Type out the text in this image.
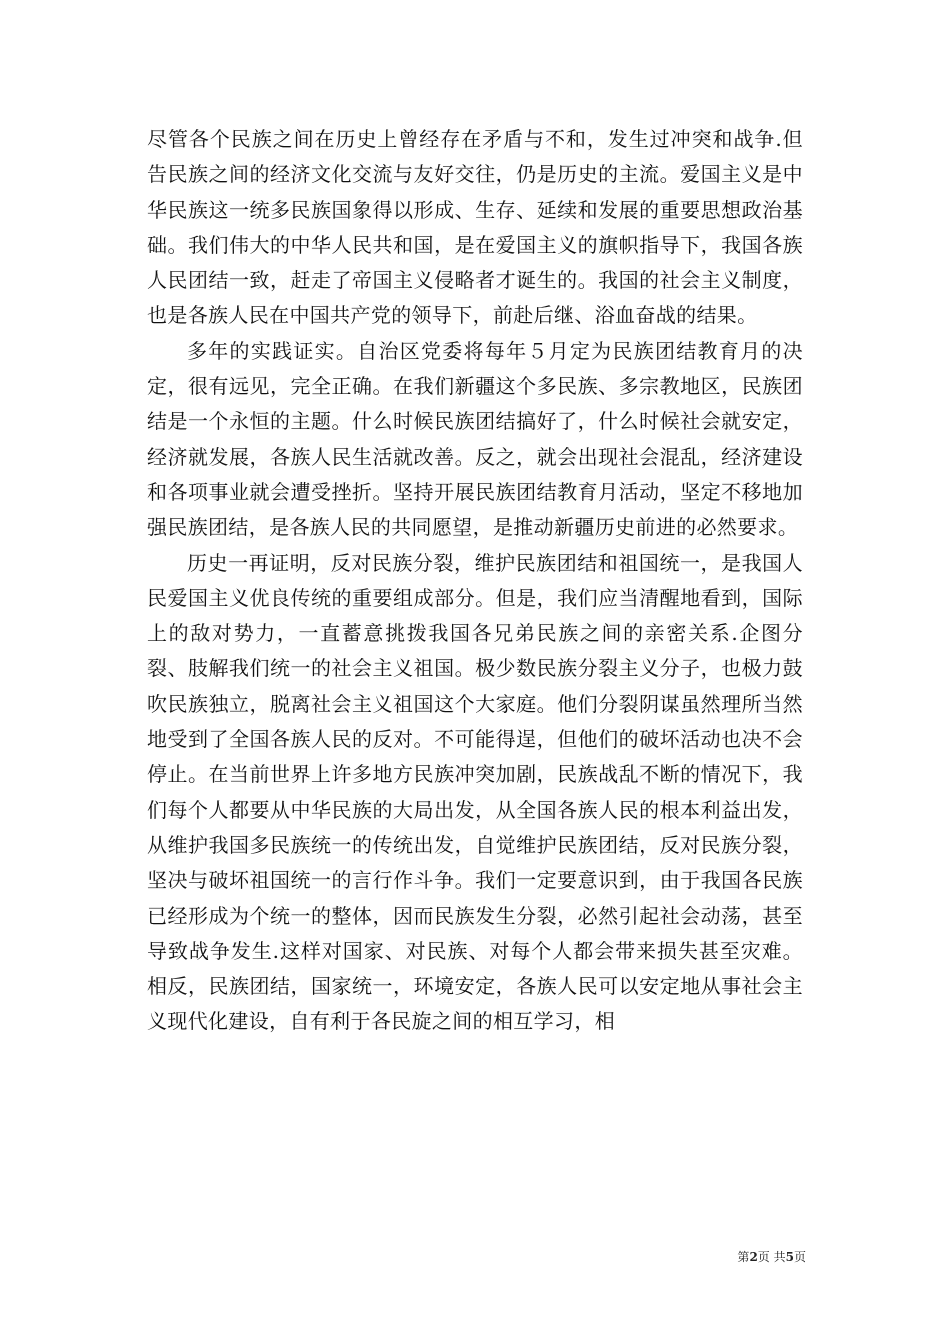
尽管各个民族之间在历史上曾经存在矛盾与不和，发生过冲突和战争.但告民族之间的经济文化交流与友好交往，仍是历史的主流。爱国主义是中华民族这一统多民族国象得以形成、生存、延续和发展的重要思想政治基础。我们伟大的中华人民共和国，是在爱国主义的旗帜指导下，我国各族人民团结一致，赶走了帝国主义侵略者才诞生的。我国的社会主义制度，也是各族人民在中国共产党的领导下，前赴后继、浴血奋战的结果。

多年的实践证实。自治区党委将每年５月定为民族团结教育月的决定，很有远见，完全正确。在我们新疆这个多民族、多宗教地区，民族团结是一个永恒的主题。什么时候民族团结搞好了，什么时候社会就安定，经济就发展，各族人民生活就改善。反之，就会出现社会混乱，经济建设和各项事业就会遭受挫折。坚持开展民族团结教育月活动，坚定不移地加强民族团结，是各族人民的共同愿望，是推动新疆历史前进的必然要求。

历史一再证明，反对民族分裂，维护民族团结和祖国统一，是我国人民爱国主义优良传统的重要组成部分。但是，我们应当清醒地看到，国际上的敌对势力，一直蓄意挑拨我国各兄弟民族之间的亲密关系.企图分裂、肢解我们统一的社会主义祖国。极少数民族分裂主义分子，也极力鼓吹民族独立，脱离社会主义祖国这个大家庭。他们分裂阴谋虽然理所当然地受到了全国各族人民的反对。不可能得逞，但他们的破坏活动也决不会停止。在当前世界上许多地方民族冲突加剧，民族战乱不断的情况下，我们每个人都要从中华民族的大局出发，从全国各族人民的根本利益出发，从维护我国多民族统一的传统出发，自觉维护民族团结，反对民族分裂，坚决与破坏祖国统一的言行作斗争。我们一定要意识到，由于我国各民族已经形成为个统一的整体，因而民族发生分裂，必然引起社会动荡，甚至导致战争发生.这样对国家、对民族、对每个人都会带来损失甚至灾难。相反，民族团结，国家统一，环境安定，各族人民可以安定地从事社会主义现代化建设，自有利于各民旋之间的相互学习，相

第2页 共5页
